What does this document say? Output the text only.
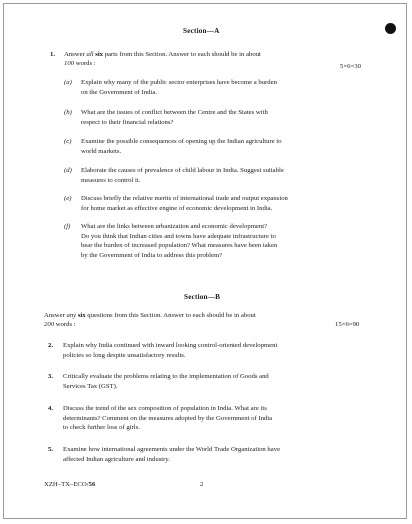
Section—A
1. Answer all six parts from this Section. Answer to each should be in about
100 words :	5×6=30
(a) Explain why many of the public sector enterprises have become a burden
on the Government of India.
(b) What are the issues of conflict between the Centre and the States with
respect to their financial relations?
(c) Examine the possible consequences of opening up the Indian agriculture to
world markets.
(d) Elaborate the causes of prevalence of child labour in India. Suggest suitable
measures to control it.
(e) Discuss briefly the relative merits of international trade and output expansion
for home market as effective engine of economic development in India.
(f) What are the links between urbanization and economic development?
Do you think that Indian cities and towns have adequate infrastructure to
bear the burden of increased population? What measures have been taken
by the Government of India to address this problem?
Section—B
Answer any six questions from this Section. Answer to each should be in about
200 words :	15×6=90
2. Explain why India continued with inward looking control-oriented development
policies so long despite unsatisfactory results.
3. Critically evaluate the problems relating to the implementation of Goods and
Services Tax (GST).
4. Discuss the trend of the sex composition of population in India. What are its
determinants? Comment on the measures adopted by the Government of India
to check further loss of girls.
5. Examine how international agreements under the World Trade Organization have
affected Indian agriculture and industry.
XZH–TX–ECO/56	2
